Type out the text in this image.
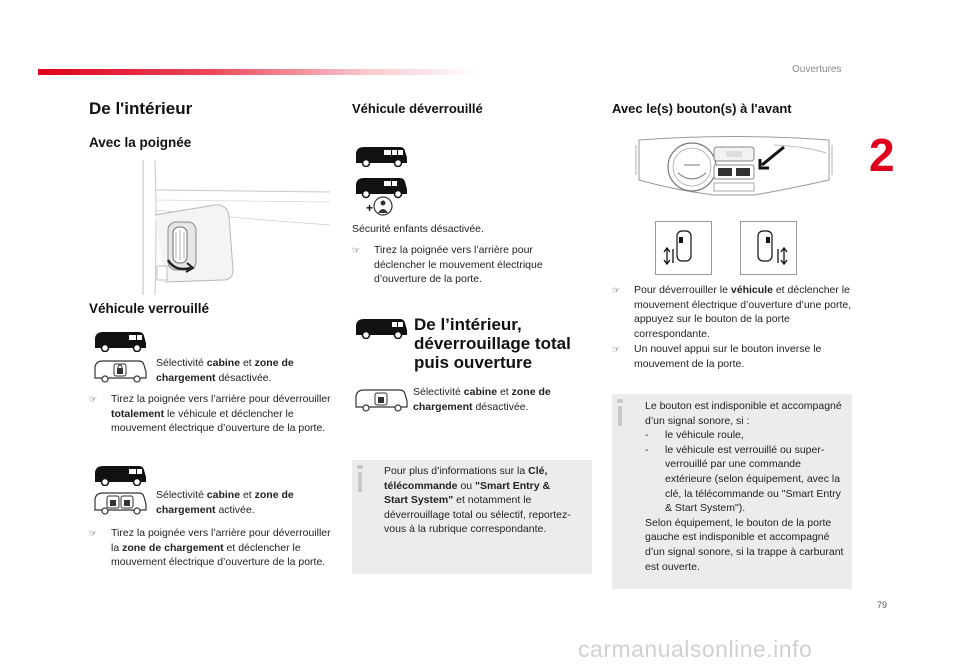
Ouvertures
2
79
carmanualsonline.info
De l'intérieur
Avec la poignée
Véhicule verrouillé
Sélectivité cabine et zone de chargement désactivée.
☞ Tirez la poignée vers l’arrière pour déverrouiller totalement le véhicule et déclencher le mouvement électrique d’ouverture de la porte.
Sélectivité cabine et zone de chargement activée.
☞ Tirez la poignée vers l’arrière pour déverrouiller la zone de chargement et déclencher le mouvement électrique d’ouverture de la porte.
Véhicule déverrouillé
+
Sécurité enfants désactivée.
☞ Tirez la poignée vers l’arrière pour déclencher le mouvement électrique d’ouverture de la porte.
De l’intérieur,
déverrouillage total
puis ouverture
Sélectivité cabine et zone de chargement désactivée.
Pour plus d’informations sur la Clé, télécommande ou "Smart Entry & Start System" et notamment le déverrouillage total ou sélectif, reportez-vous à la rubrique correspondante.
Avec le(s) bouton(s) à l'avant
☞ Pour déverrouiller le véhicule et déclencher le mouvement électrique d’ouverture d’une porte, appuyez sur le bouton de la porte correspondante.
☞ Un nouvel appui sur le bouton inverse le mouvement de la porte.
Le bouton est indisponible et accompagné d’un signal sonore, si :
- le véhicule roule,
- le véhicule est verrouillé ou super-verrouillé par une commande extérieure (selon équipement, avec la clé, la télécommande ou "Smart Entry & Start System").
Selon équipement, le bouton de la porte gauche est indisponible et accompagné d’un signal sonore, si la trappe à carburant est ouverte.
